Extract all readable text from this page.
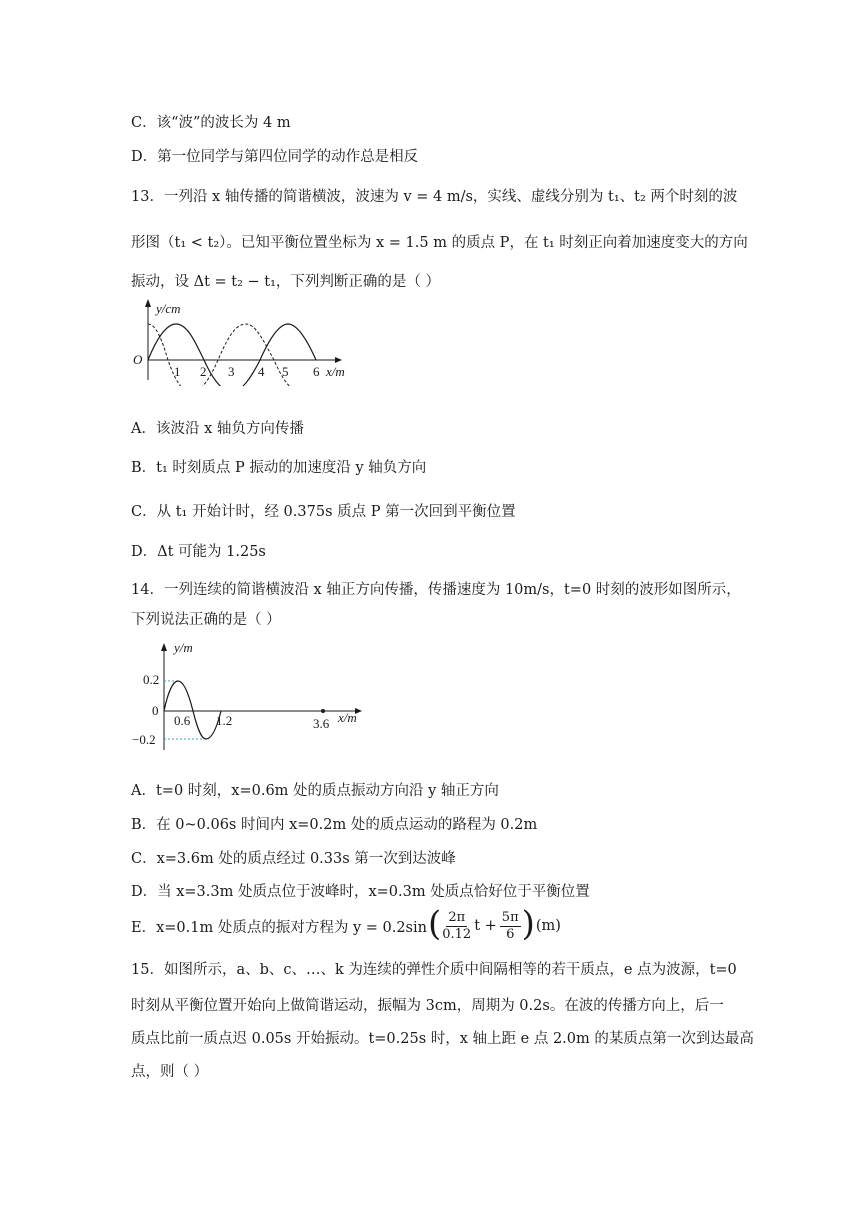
C．该“波”的波长为 4 m
D．第一位同学与第四位同学的动作总是相反
13．一列沿 x 轴传播的简谐横波，波速为 v = 4 m/s，实线、虚线分别为 t₁、t₂ 两个时刻的波
形图（t₁ < t₂）。已知平衡位置坐标为 x = 1.5 m 的质点 P，在 t₁ 时刻正向着加速度变大的方向
振动，设 Δt = t₂ − t₁，下列判断正确的是（ ）
y/cm
O
1 2 3 4 5 6 x/m
A．该波沿 x 轴负方向传播
B．t₁ 时刻质点 P 振动的加速度沿 y 轴负方向
C．从 t₁ 开始计时，经 0.375s 质点 P 第一次回到平衡位置
D．Δt 可能为 1.25s
14．一列连续的简谐横波沿 x 轴正方向传播，传播速度为 10m/s，t=0 时刻的波形如图所示，
下列说法正确的是（ ）
y/m
0.2
0
−0.2
0.6 1.2	3.6 x/m
A．t=0 时刻，x=0.6m 处的质点振动方向沿 y 轴正方向
B．在 0~0.06s 时间内 x=0.2m 处的质点运动的路程为 0.2m
C．x=3.6m 处的质点经过 0.33s 第一次到达波峰
D．当 x=3.3m 处质点位于波峰时，x=0.3m 处质点恰好位于平衡位置
E．x=0.1m 处质点的振对方程为 y = 0.2sin ( $\frac{2\pi}{0.12}$ $t + \frac{5\pi}{6}$ ) (m)
15．如图所示，a、b、c、…、k 为连续的弹性介质中间隔相等的若干质点，e 点为波源，t=0
时刻从平衡位置开始向上做简谐运动，振幅为 3cm，周期为 0.2s。在波的传播方向上，后一
质点比前一质点迟 0.05s 开始振动。t=0.25s 时，x 轴上距 e 点 2.0m 的某质点第一次到达最高
点，则（ ）
